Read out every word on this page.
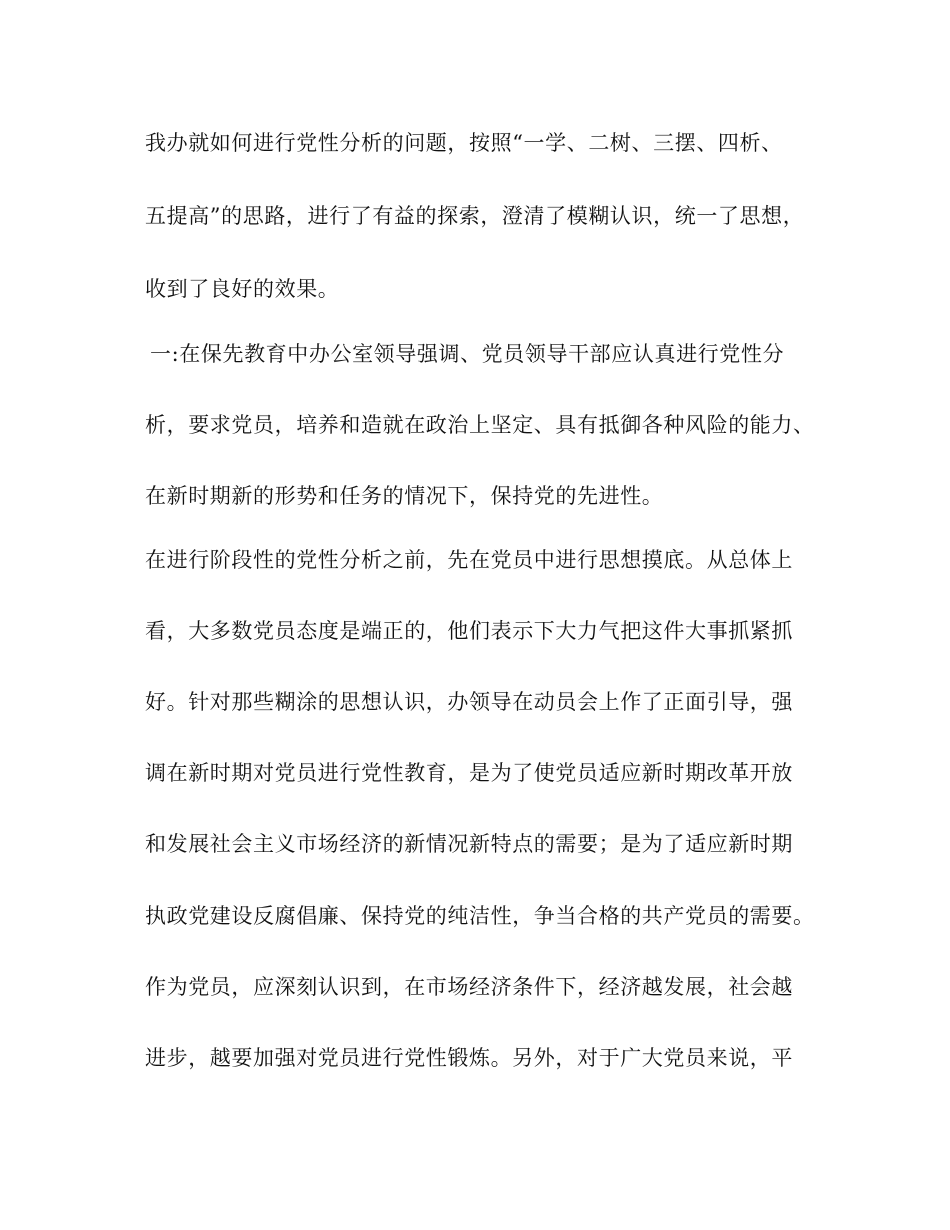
我办就如何进行党性分析的问题，按照“一学、二树、三摆、四析、
五提高”的思路，进行了有益的探索，澄清了模糊认识，统一了思想，
收到了良好的效果。
一:在保先教育中办公室领导强调、党员领导干部应认真进行党性分
析，要求党员，培养和造就在政治上坚定、具有抵御各种风险的能力、
在新时期新的形势和任务的情况下，保持党的先进性。
在进行阶段性的党性分析之前，先在党员中进行思想摸底。从总体上
看，大多数党员态度是端正的，他们表示下大力气把这件大事抓紧抓
好。针对那些糊涂的思想认识，办领导在动员会上作了正面引导，强
调在新时期对党员进行党性教育，是为了使党员适应新时期改革开放
和发展社会主义市场经济的新情况新特点的需要；是为了适应新时期
执政党建设反腐倡廉、保持党的纯洁性，争当合格的共产党员的需要。
作为党员，应深刻认识到，在市场经济条件下，经济越发展，社会越
进步，越要加强对党员进行党性锻炼。另外，对于广大党员来说，平
